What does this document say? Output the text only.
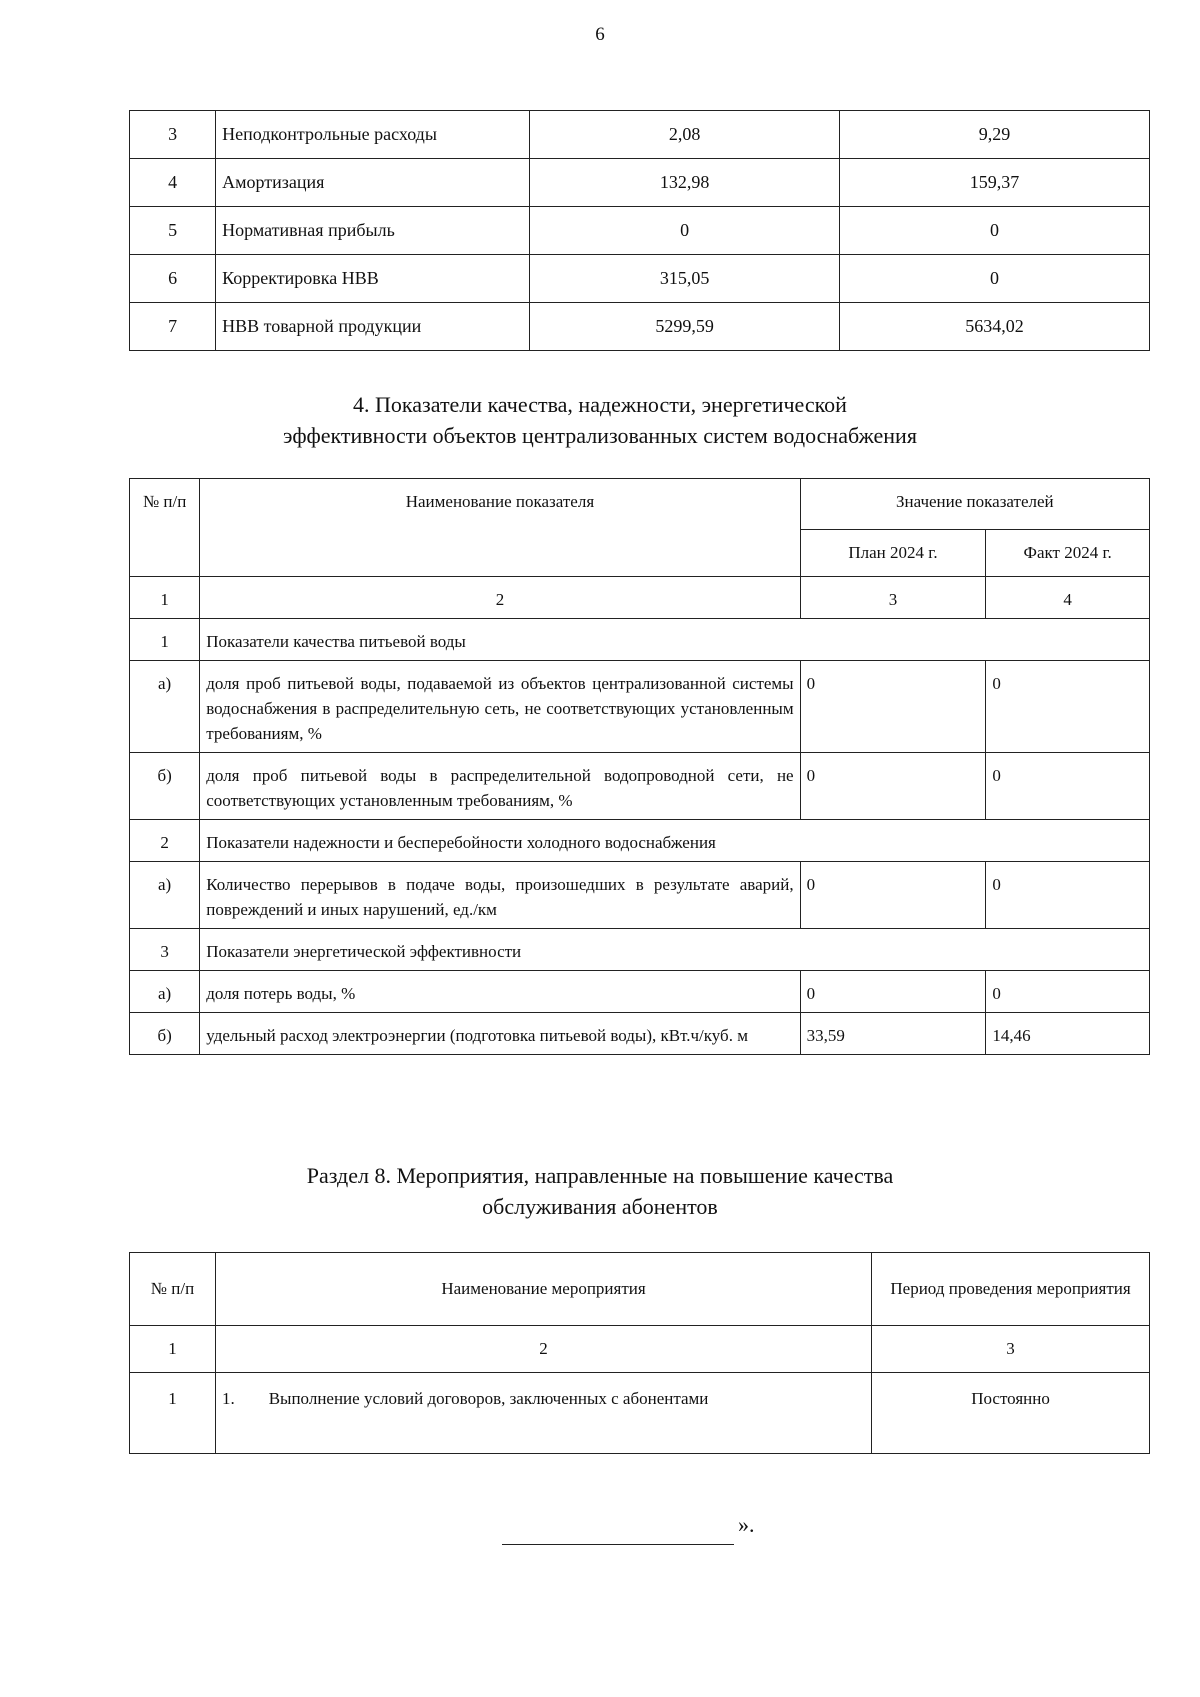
6
3	Неподконтрольные расходы	2,08	9,29
4	Амортизация	132,98	159,37
5	Нормативная прибыль	0	0
6	Корректировка НВВ	315,05	0
7	НВВ товарной продукции	5299,59	5634,02
4. Показатели качества, надежности, энергетической
эффективности объектов централизованных систем водоснабжения
№ п/п	Наименование показателя	Значение показателей	
		План 2024 г.	Факт 2024 г.
1	2	3	4
1	Показатели качества питьевой воды		
а)	доля проб питьевой воды, подаваемой из объектов централизованной системы водоснабжения в распределительную сеть, не соответствующих установленным требованиям, %	0	0
б)	доля проб питьевой воды в распределительной водопроводной сети, не соответствующих установленным требованиям, %	0	0
2	Показатели надежности и бесперебойности холодного водоснабжения		
а)	Количество перерывов в подаче воды, произошедших в результате аварий, повреждений и иных нарушений, ед./км	0	0
3	Показатели энергетической эффективности		
а)	доля потерь воды, %	0	0
б)	удельный расход электроэнергии (подготовка питьевой воды), кВт.ч/куб. м	33,59	14,46
Раздел 8. Мероприятия, направленные на повышение качества
обслуживания абонентов
№ п/п	Наименование мероприятия	Период проведения мероприятия
1	2	3
1	1.        Выполнение условий договоров, заключенных с абонентами	Постоянно
».
